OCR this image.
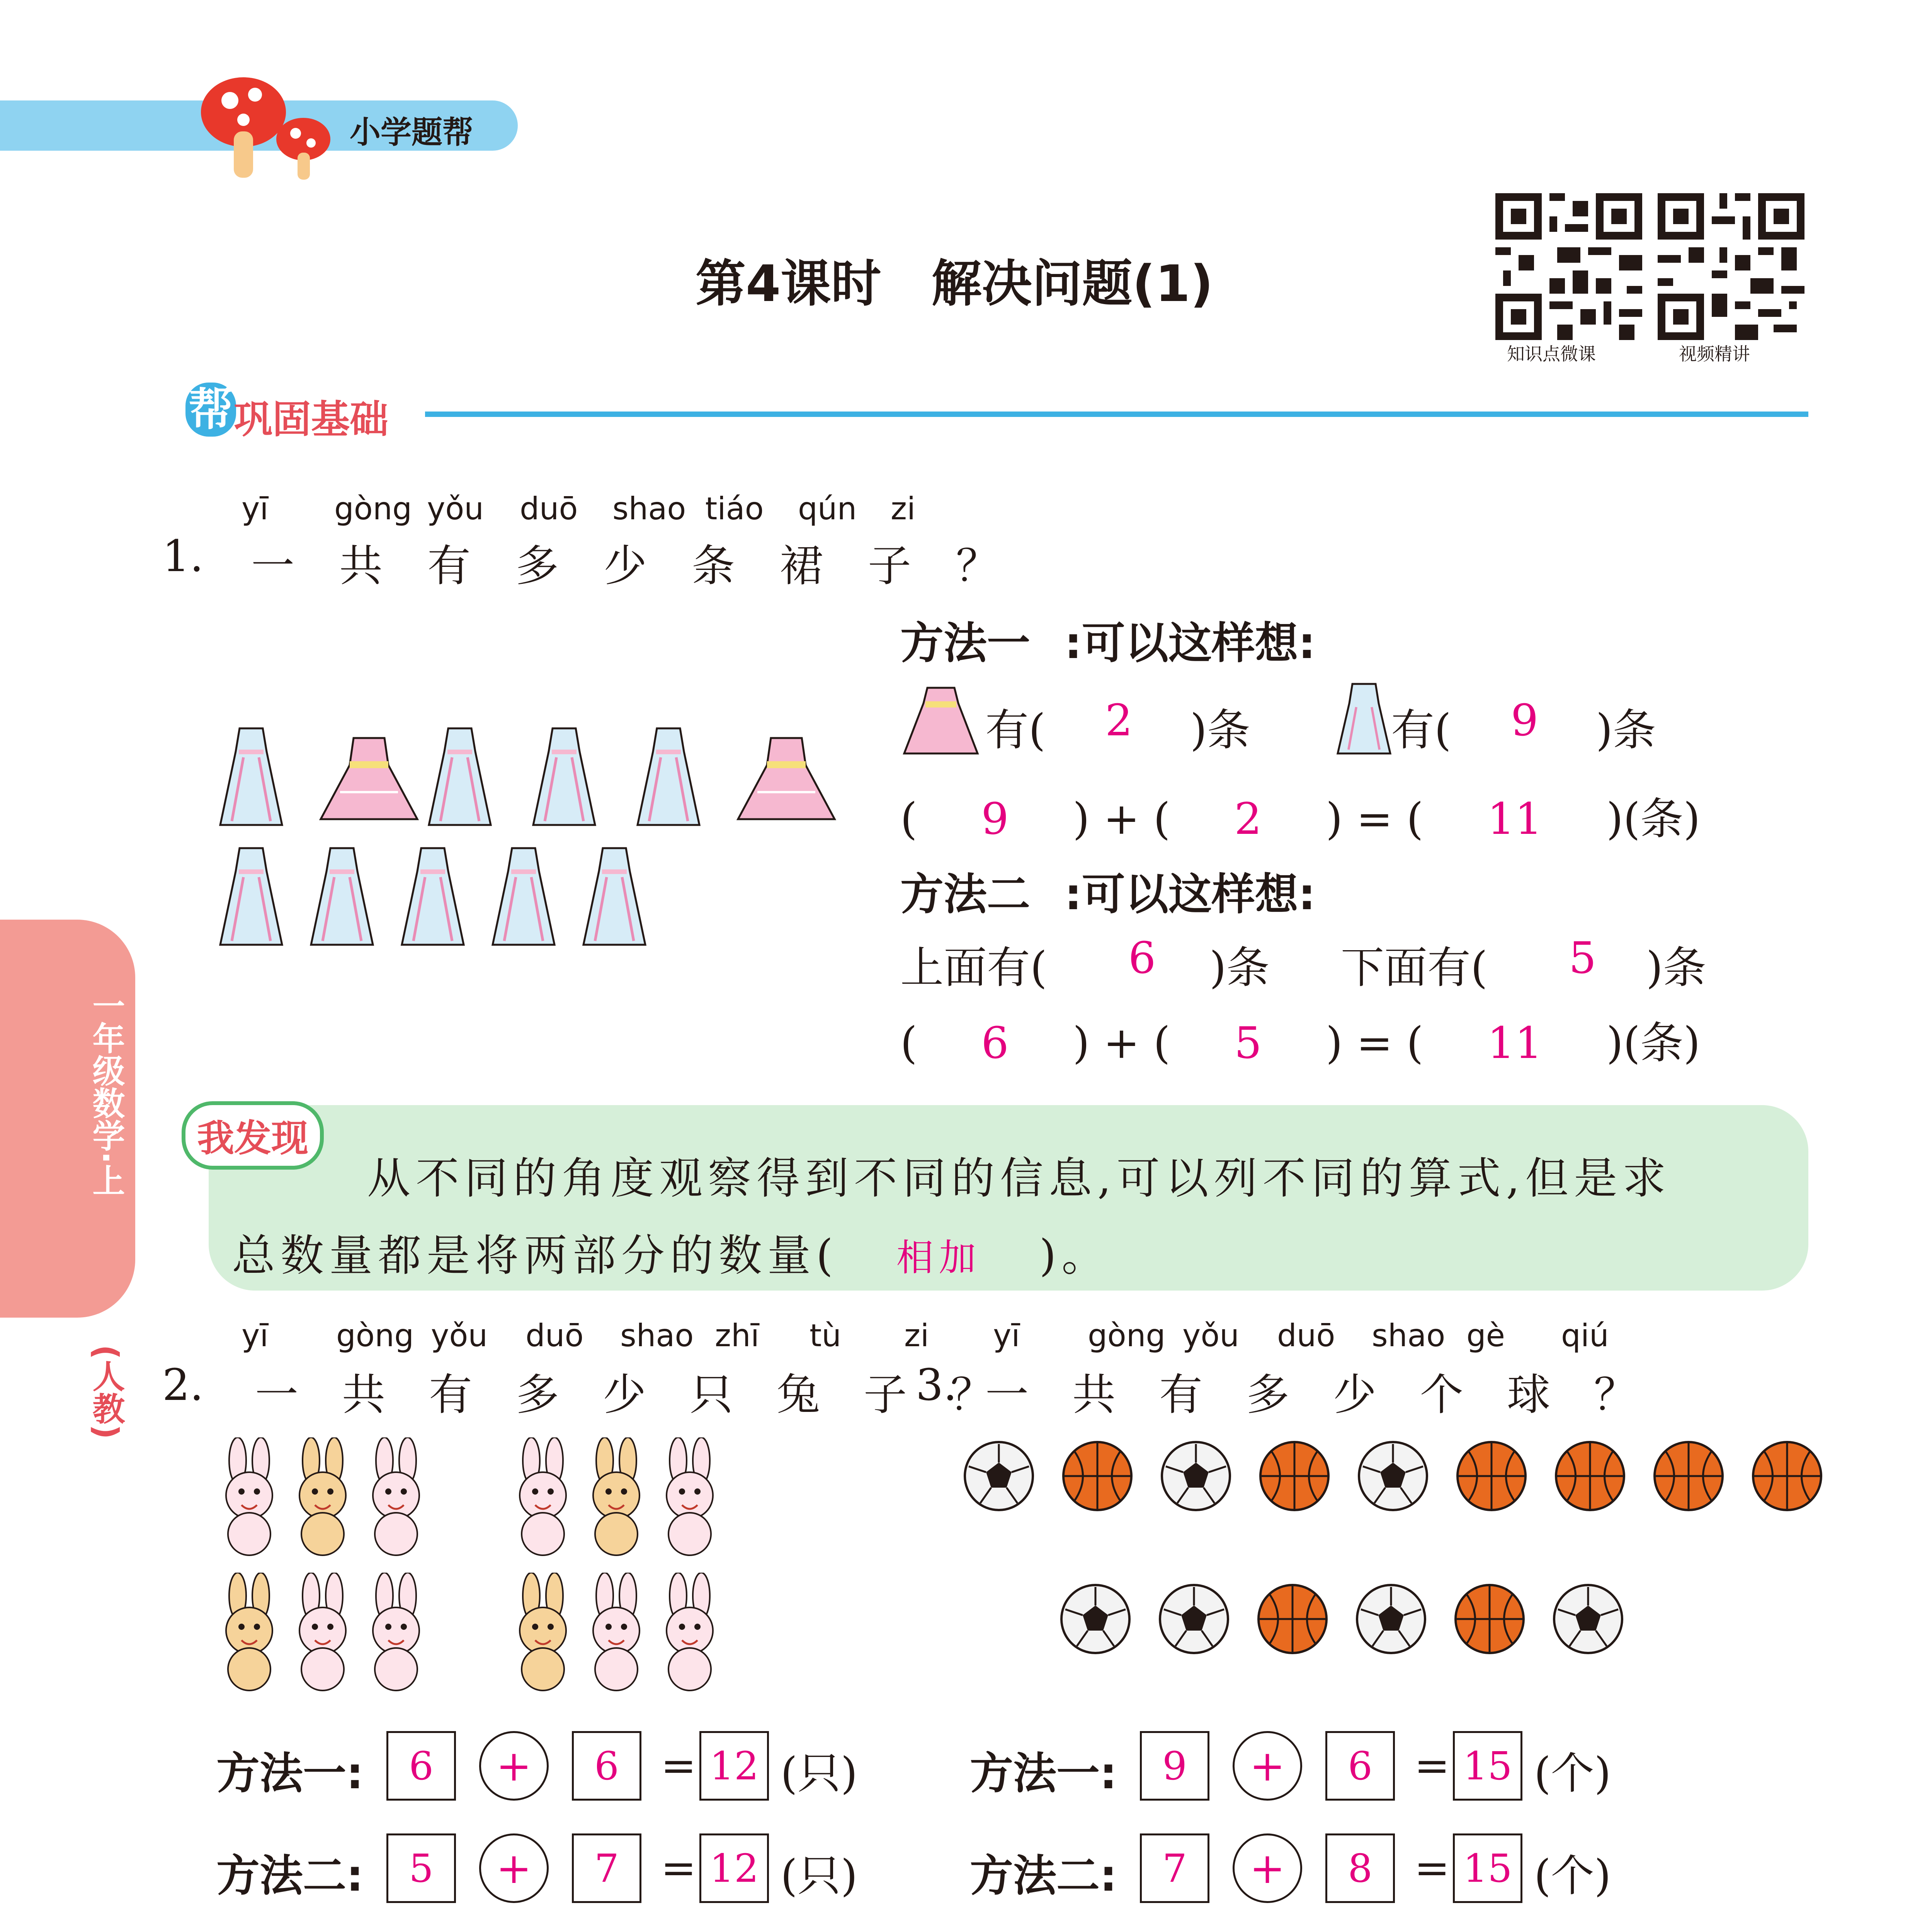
小学题帮
第4课时　解决问题(1)
知识点微课	视频精讲
一年级数学·上
(人教)
帮 巩固基础
yī gòng yǒu duō shao tiáo qún zi
1. 一 共 有 多 少 条 裙 子 ？
方法一 :可以这样想:
有( 2 )条	有( 9 )条
( 9 ) + ( 2 ) = ( 11 )(条)
方法二 :可以这样想:
上面有( 6 )条 下面有( 5 )条
( 6 ) + ( 5 ) = ( 11 )(条)
我发现
从不同的角度观察得到不同的信息,可以列不同的算式,但是求
总数量都是将两部分的数量( 相加 )。
yī gòng yǒu duō shao zhī tù zi
2. 一 共 有 多 少 只 兔 子 ？
方法一:	6	+	6 = 12 (只)
方法二:	5	+	7 = 12 (只)
yī gòng yǒu duō shao gè qiú
3. 一 共 有 多 少 个 球 ？
方法一:	9	+	6 = 15 (个)
方法二:	7	+	8 = 15 (个)
